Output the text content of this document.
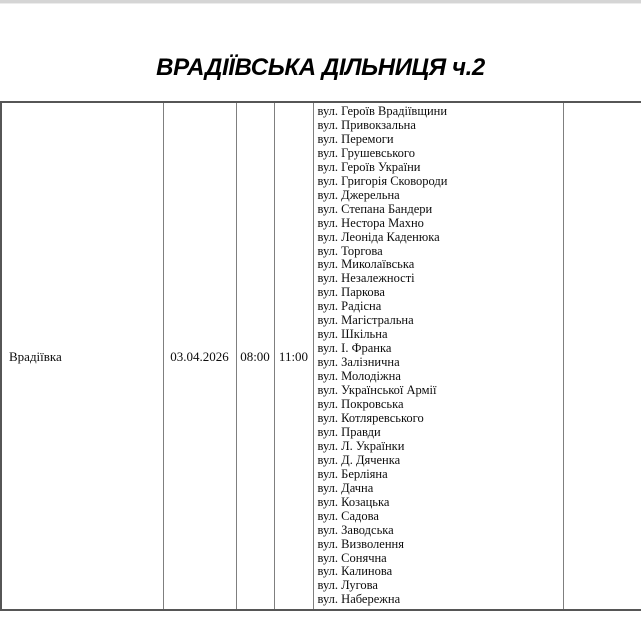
ВРАДІЇВСЬКА ДІЛЬНИЦЯ ч.2
Врадіївка	03.04.2026	08:00	11:00	
вул. Героїв Врадіївщини
вул. Привокзальна
вул. Перемоги
вул. Грушевського
вул. Героїв України
вул. Григорія Сковороди
вул. Джерельна
вул. Степана Бандери
вул. Нестора Махно
вул. Леоніда Каденюка
вул. Торгова
вул. Миколаївська
вул. Незалежності
вул. Паркова
вул. Радісна
вул. Магістральна
вул. Шкільна
вул. І. Франка
вул. Залізнична
вул. Молодіжна
вул. Української Армії
вул. Покровська
вул. Котляревського
вул. Правди
вул. Л. Українки
вул. Д. Дяченка
вул. Берліяна
вул. Дачна
вул. Козацька
вул. Садова
вул. Заводська
вул. Визволення
вул. Сонячна
вул. Калинова
вул. Лугова
вул. Набережна
